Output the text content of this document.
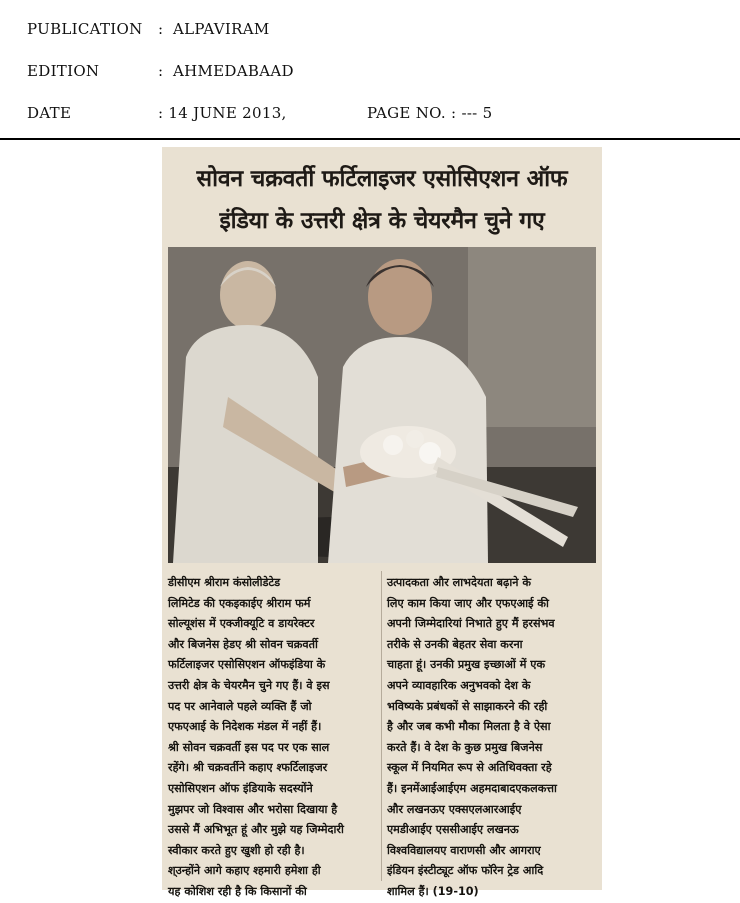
PUBLICATION : ALPAVIRAM
EDITION	: AHMEDABAAD
DATE	: 14 JUNE 2013,	PAGE NO. : --- 5
सोवन चक्रवर्ती फर्टिलाइजर एसोसिएशन ऑफ
इंडिया के उत्तरी क्षेत्र के चेयरमैन चुने गए
डीसीएम श्रीराम कंसोलीडेटेड
लिमिटेड की एकइकाईए श्रीराम फर्म
सोल्यूशंस में एक्जीक्यूटि व डायरेक्टर
और बिजनेस हेडए श्री सोवन चक्रवर्ती
फर्टिलाइजर एसोसिएशन ऑफइंडिया के
उत्तरी क्षेत्र के चेयरमैन चुने गए हैं। वे इस
पद पर आनेवाले पहले व्यक्ति हैं जो
एफएआई के निदेशक मंडल में नहीं हैं।
श्री सोवन चक्रवर्ती इस पद पर एक साल
रहेंगे। श्री चक्रवर्तीने कहाए श्फर्टिलाइजर
एसोसिएशन ऑफ इंडियाके सदस्योंने
मुझपर जो विश्वास और भरोसा दिखाया है
उससे मैं अभिभूत हूं और मुझे यह जिम्मेदारी
स्वीकार करते हुए खुशी हो रही है।
श्उन्होंने आगे कहाए श्हमारी हमेशा ही
यह कोशिश रही है कि किसानों की
उत्पादकता और लाभदेयता बढ़ाने के
लिए काम किया जाए और एफएआई की
अपनी जिम्मेदारियां निभाते हुए मैं हरसंभव
तरीके से उनकी बेहतर सेवा करना
चाहता हूं। उनकी प्रमुख इच्छाओं में एक
अपने व्यावहारिक अनुभवको देश के
भविष्यके प्रबंधकों से साझाकरने की रही
है और जब कभी मौका मिलता है वे ऐसा
करते हैं। वे देश के कुछ प्रमुख बिजनेस
स्कूल में नियमित रूप से अतिथिवक्ता रहे
हैं। इनमेंआईआईएम अहमदाबादएकलकत्ता
और लखनऊए एक्सएलआरआईए
एमडीआईए एससीआईए लखनऊ
विश्वविद्यालयए वाराणसी और आगराए
इंडियन इंस्टीट्यूट ऑफ फॉरेन ट्रेड आदि
शामिल हैं। (19-10)
